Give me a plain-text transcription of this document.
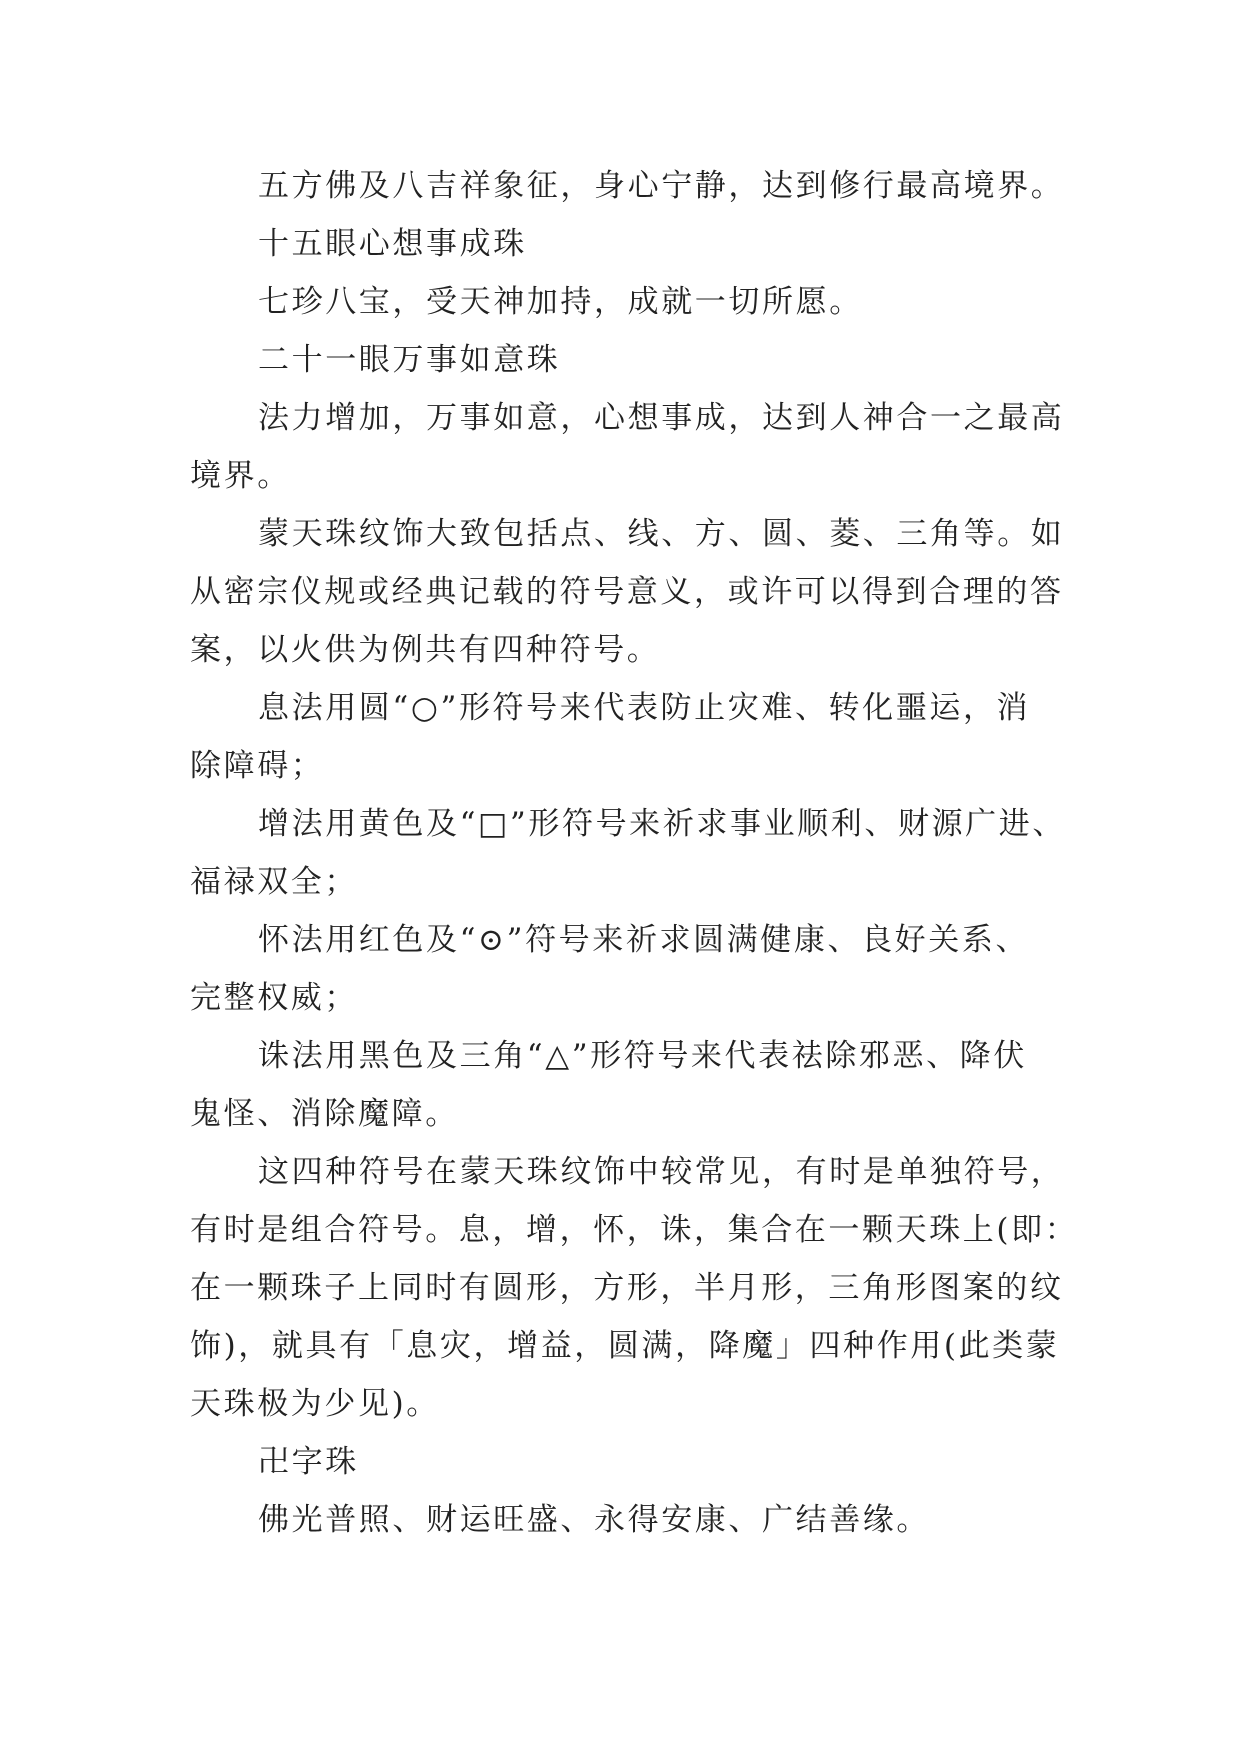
五方佛及八吉祥象征，身心宁静，达到修行最高境界。
十五眼心想事成珠
七珍八宝，受天神加持，成就一切所愿。
二十一眼万事如意珠
法力增加，万事如意，心想事成，达到人神合一之最高
境界。
蒙天珠纹饰大致包括点、线、方、圆、菱、三角等。如
从密宗仪规或经典记载的符号意义，或许可以得到合理的答
案，以火供为例共有四种符号。
息法用圆“○”形符号来代表防止灾难、转化噩运，消
除障碍；
增法用黄色及“□”形符号来祈求事业顺利、财源广进、
福禄双全；
怀法用红色及“⊙”符号来祈求圆满健康、良好关系、
完整权威；
诛法用黑色及三角“△”形符号来代表祛除邪恶、降伏
鬼怪、消除魔障。
这四种符号在蒙天珠纹饰中较常见，有时是单独符号，
有时是组合符号。息，增，怀，诛，集合在一颗天珠上(即：
在一颗珠子上同时有圆形，方形，半月形，三角形图案的纹
饰)，就具有「息灾，增益，圆满，降魔」四种作用(此类蒙
天珠极为少见)。
卍字珠
佛光普照、财运旺盛、永得安康、广结善缘。
